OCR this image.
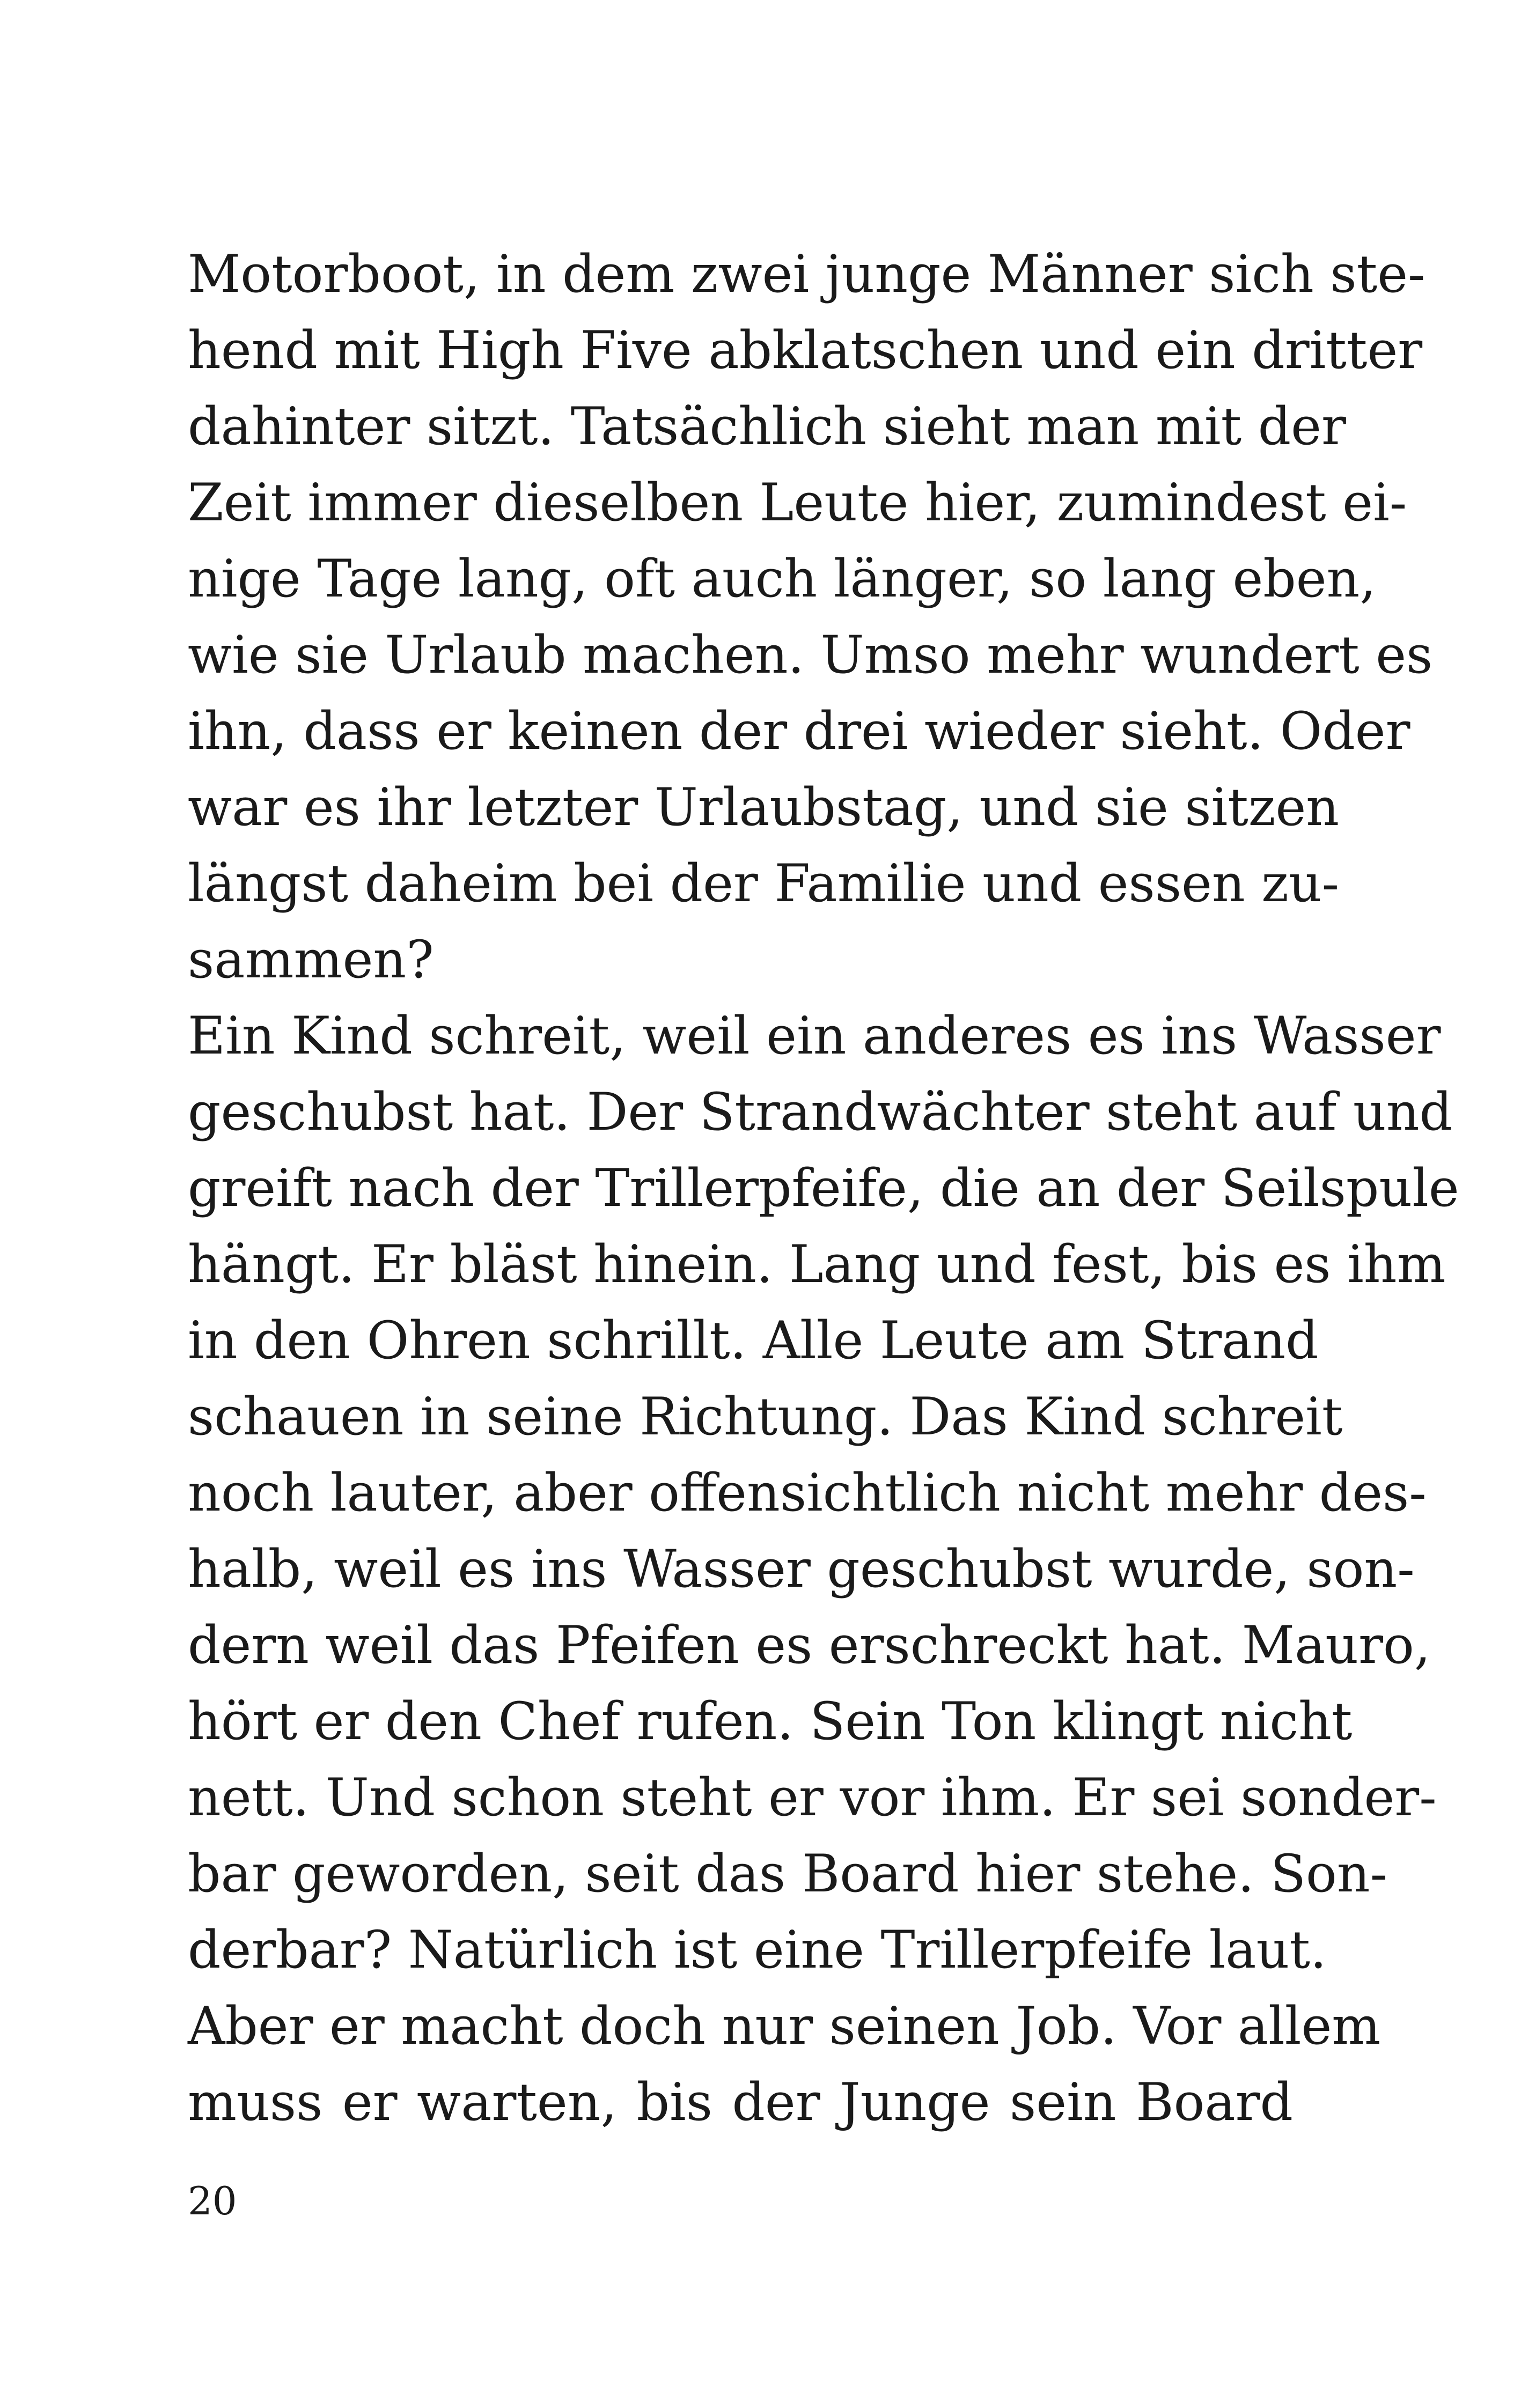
Motorboot, in dem zwei junge Männer sich ste-
hend mit High Five abklatschen und ein dritter
dahinter sitzt. Tatsächlich sieht man mit der
Zeit immer dieselben Leute hier, zumindest ei-
nige Tage lang, oft auch länger, so lang eben,
wie sie Urlaub machen. Umso mehr wundert es
ihn, dass er keinen der drei wieder sieht. Oder
war es ihr letzter Urlaubstag, und sie sitzen
längst daheim bei der Familie und essen zu-
sammen?
Ein Kind schreit, weil ein anderes es ins Wasser
geschubst hat. Der Strandwächter steht auf und
greift nach der Trillerpfeife, die an der Seilspule
hängt. Er bläst hinein. Lang und fest, bis es ihm
in den Ohren schrillt. Alle Leute am Strand
schauen in seine Richtung. Das Kind schreit
noch lauter, aber offensichtlich nicht mehr des-
halb, weil es ins Wasser geschubst wurde, son-
dern weil das Pfeifen es erschreckt hat. Mauro,
hört er den Chef rufen. Sein Ton klingt nicht
nett. Und schon steht er vor ihm. Er sei sonder-
bar geworden, seit das Board hier stehe. Son-
derbar? Natürlich ist eine Trillerpfeife laut.
Aber er macht doch nur seinen Job. Vor allem
muss er warten, bis der Junge sein Board
20
